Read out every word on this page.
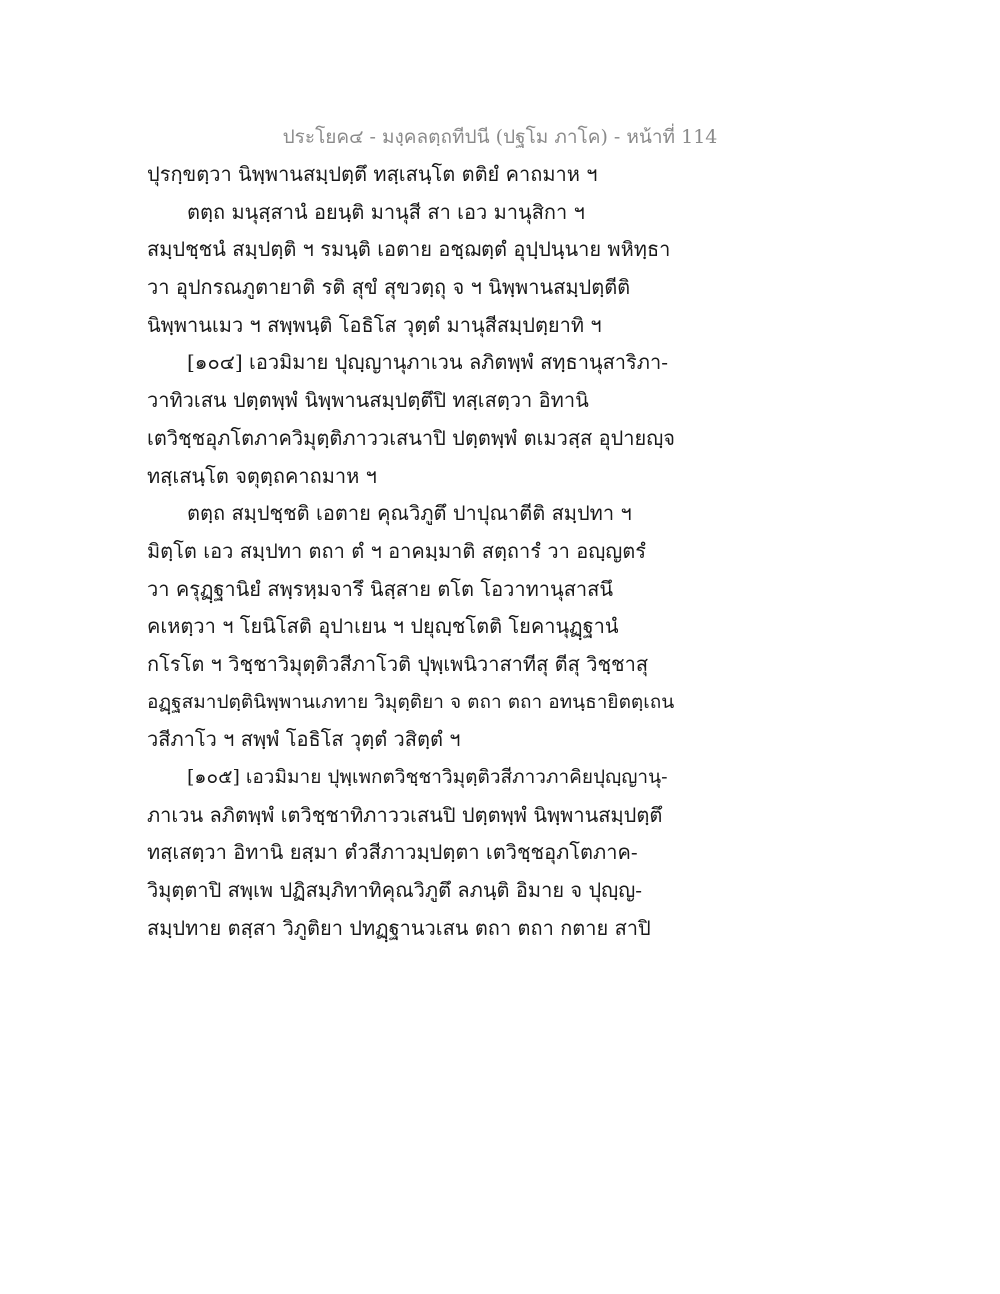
ประโยค๔ - มงฺคลตฺถทีปนี (ปฐโม ภาโค) - หน้าที่ 114
ปุรกฺขตฺวา นิพฺพานสมฺปตฺตึ ทสฺเสนฺโต ตติยํ คาถมาห ฯ
ตตฺถ มนุสฺสานํ อยนฺติ มานุสี สา เอว มานุสิกา ฯ
สมฺปชฺชนํ สมฺปตฺติ ฯ รมนฺติ เอตาย อชฺฌตฺตํ อุปฺปนฺนาย พหิทฺธา
วา อุปกรณภูตายาติ รติ สุขํ สุขวตฺถุ จ ฯ นิพฺพานสมฺปตฺตีติ
นิพฺพานเมว ฯ สพฺพนฺติ โอธิโส วุตฺตํ มานุสีสมฺปตฺยาทิ ฯ
[๑๐๔] เอวมิมาย ปุญฺญานุภาเวน ลภิตพฺพํ สทฺธานุสาริภา-
วาทิวเสน ปตฺตพฺพํ นิพฺพานสมฺปตฺตึปิ ทสฺเสตฺวา อิทานิ
เตวิชฺชอุภโตภาควิมุตฺติภาววเสนาปิ ปตฺตพฺพํ ตเมวสฺส อุปายญฺจ
ทสฺเสนฺโต จตุตฺถคาถมาห ฯ
ตตฺถ สมฺปชฺชติ เอตาย คุณวิภูตึ ปาปุณาตีติ สมฺปทา ฯ
มิตฺโต เอว สมฺปทา ตถา ตํ ฯ อาคมฺมาติ สตฺถารํ วา อญฺญตรํ
วา ครุฏฺฐานิยํ สพฺรหฺมจารึ นิสฺสาย ตโต โอวาทานุสาสนึ
คเหตฺวา ฯ โยนิโสติ อุปาเยน ฯ ปยุญฺชโตติ โยคานุฏฺฐานํ
กโรโต ฯ วิชฺชาวิมุตฺติวสีภาโวติ ปุพฺเพนิวาสาทีสุ ตีสุ วิชฺชาสุ
อฏฺฐสมาปตฺตินิพฺพานเภทาย วิมุตฺติยา จ ตถา ตถา อทนฺธายิตตฺเถน
วสีภาโว ฯ สพฺพํ โอธิโส วุตฺตํ วสิตฺตํ ฯ
[๑๐๕] เอวมิมาย ปุพฺเพกตวิชฺชาวิมุตฺติวสีภาวภาคิยปุญฺญานุ-
ภาเวน ลภิตพฺพํ เตวิชฺชาทิภาววเสนปิ ปตฺตพฺพํ นิพฺพานสมฺปตฺตึ
ทสฺเสตฺวา อิทานิ ยสฺมา ตํวสีภาวมฺปตฺตา เตวิชฺชอุภโตภาค-
วิมุตฺตาปิ สพฺเพ ปฏิสมฺภิทาทิคุณวิภูตึ ลภนฺติ อิมาย จ ปุญฺญ-
สมฺปทาย ตสฺสา วิภูติยา ปทฏฺฐานวเสน ตถา ตถา กตาย สาปิ
